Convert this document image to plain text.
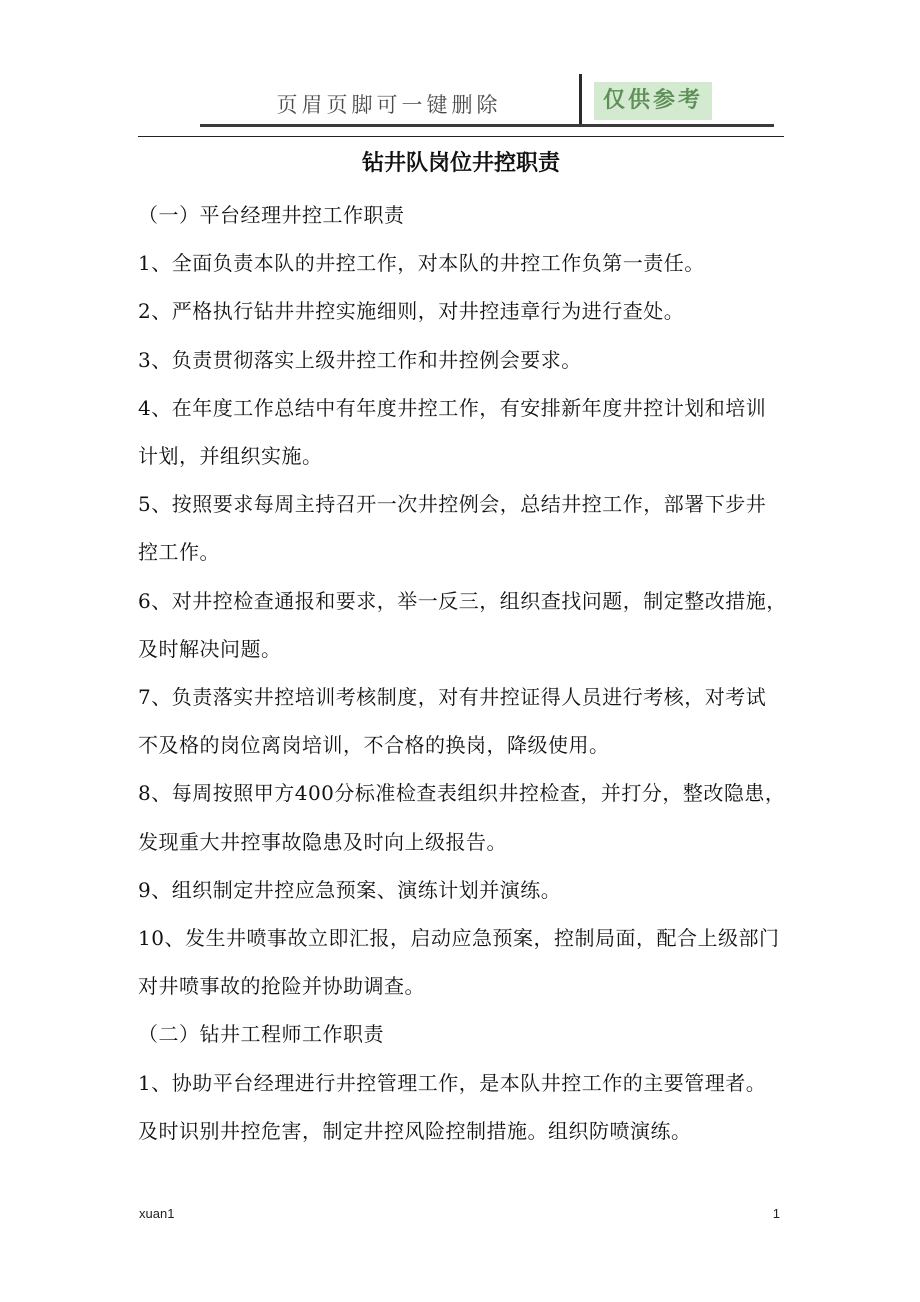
页眉页脚可一键删除	仅供参考
钻井队岗位井控职责

（一）平台经理井控工作职责

1、全面负责本队的井控工作，对本队的井控工作负第一责任。

2、严格执行钻井井控实施细则，对井控违章行为进行查处。

3、负责贯彻落实上级井控工作和井控例会要求。

4、在年度工作总结中有年度井控工作，有安排新年度井控计划和培训

计划，并组织实施。

5、按照要求每周主持召开一次井控例会，总结井控工作，部署下步井

控工作。

6、对井控检查通报和要求，举一反三，组织查找问题，制定整改措施，

及时解决问题。

7、负责落实井控培训考核制度，对有井控证得人员进行考核，对考试

不及格的岗位离岗培训，不合格的换岗，降级使用。

8、每周按照甲方400分标准检查表组织井控检查，并打分，整改隐患，

发现重大井控事故隐患及时向上级报告。

9、组织制定井控应急预案、演练计划并演练。

10、发生井喷事故立即汇报，启动应急预案，控制局面，配合上级部门

对井喷事故的抢险并协助调查。

（二）钻井工程师工作职责

1、协助平台经理进行井控管理工作，是本队井控工作的主要管理者。

及时识别井控危害，制定井控风险控制措施。组织防喷演练。

xuan1	1
